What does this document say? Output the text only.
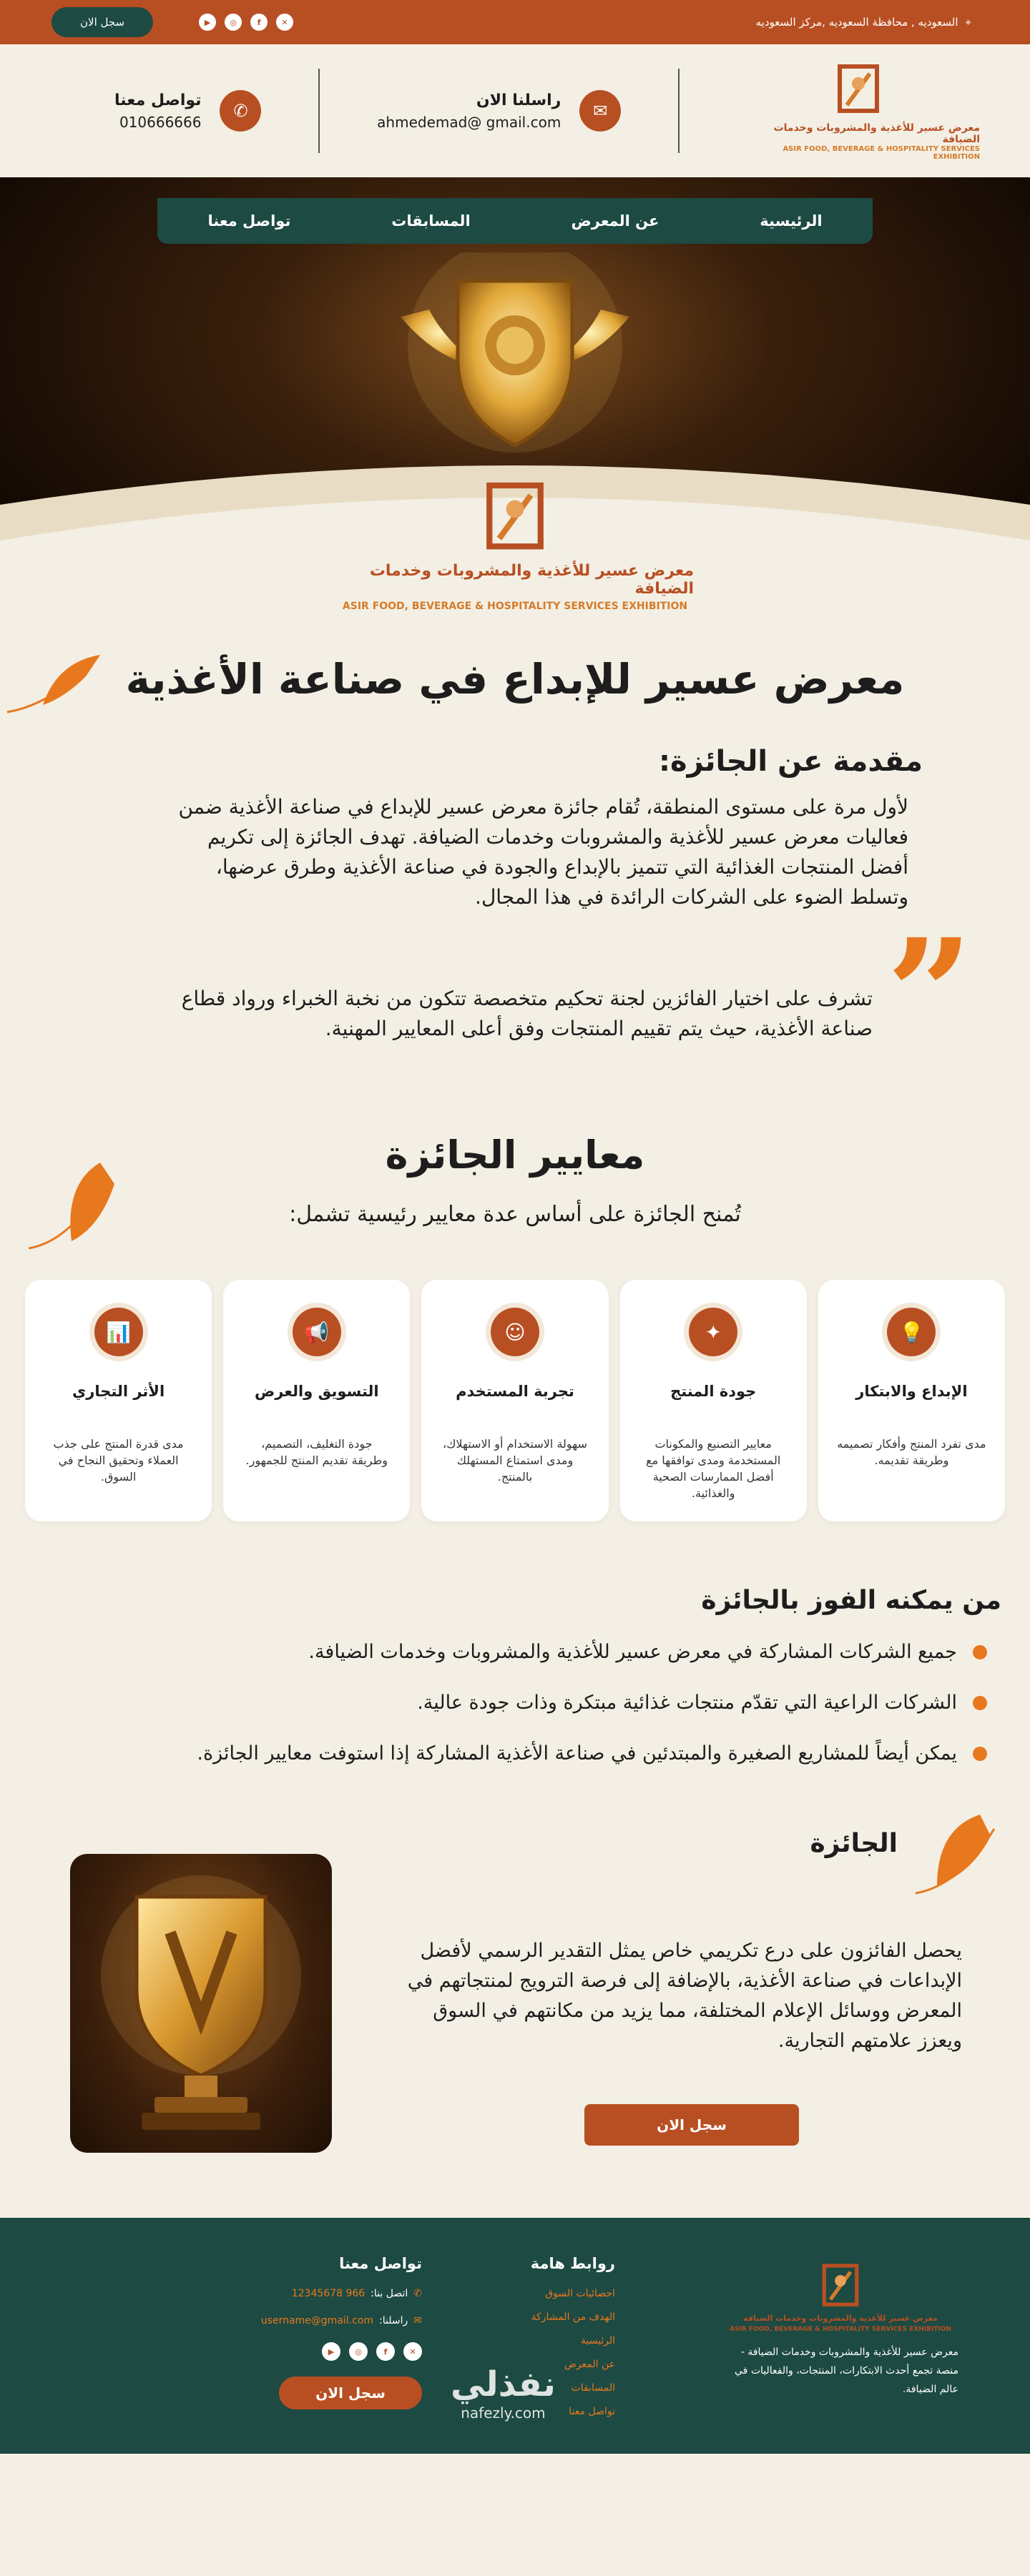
⌖
السعوديه , محافظة السعوديه ,مركز السعوديه
✕
f
◎
▶
سجل الان
معرض عسير للأغذية والمشروبات وخدمات الضيافة
ASIR FOOD, BEVERAGE & HOSPITALITY SERVICES EXHIBITION
✉
راسلنا الان
ahmedemad@ gmail.com
✆
تواصل معنا
010666666
الرئيسية
عن المعرض
المسابقات
تواصل معنا
معرض عسير للأغذية والمشروبات وخدمات الضيافة
ASIR FOOD, BEVERAGE & HOSPITALITY SERVICES EXHIBITION
معرض عسير للإبداع في صناعة الأغذية
مقدمة عن الجائزة:
لأول مرة على مستوى المنطقة، تُقام جائزة معرض عسير للإبداع في صناعة الأغذية ضمن فعاليات معرض عسير للأغذية والمشروبات وخدمات الضيافة. تهدف الجائزة إلى تكريم أفضل المنتجات الغذائية التي تتميز بالإبداع والجودة في صناعة الأغذية وطرق عرضها، وتسلط الضوء على الشركات الرائدة في هذا المجال.
”
تشرف على اختيار الفائزين لجنة تحكيم متخصصة تتكون من نخبة الخبراء ورواد قطاع صناعة الأغذية، حيث يتم تقييم المنتجات وفق أعلى المعايير المهنية.
معايير الجائزة
تُمنح الجائزة على أساس عدة معايير رئيسية تشمل:
💡
الإبداع والابتكار
مدى تفرد المنتج وأفكار تصميمه وطريقة تقديمه.
✦
جودة المنتج
معايير التصنيع والمكونات المستخدمة ومدى توافقها مع أفضل الممارسات الصحية والغذائية.
☺
تجربة المستخدم
سهولة الاستخدام أو الاستهلاك، ومدى استمتاع المستهلك بالمنتج.
📢
التسويق والعرض
جودة التغليف، التصميم، وطريقة تقديم المنتج للجمهور.
📊
الأثر التجاري
مدى قدرة المنتج على جذب العملاء وتحقيق النجاح في السوق.
من يمكنه الفوز بالجائزة
جميع الشركات المشاركة في معرض عسير للأغذية والمشروبات وخدمات الضيافة.
الشركات الراعية التي تقدّم منتجات غذائية مبتكرة وذات جودة عالية.
يمكن أيضاً للمشاريع الصغيرة والمبتدئين في صناعة الأغذية المشاركة إذا استوفت معايير الجائزة.
الجائزة
يحصل الفائزون على درع تكريمي خاص يمثل التقدير الرسمي لأفضل الإبداعات في صناعة الأغذية، بالإضافة إلى فرصة الترويج لمنتجاتهم في المعرض ووسائل الإعلام المختلفة، مما يزيد من مكانتهم في السوق ويعزز علامتهم التجارية.
سجل الان
معرض عسير للأغذية والمشروبات وخدمات الضيافة
ASIR FOOD, BEVERAGE & HOSPITALITY SERVICES EXHIBITION
معرض عسير للأغذية والمشروبات وخدمات الضيافة - منصة تجمع أحدث الابتكارات، المنتجات، والفعاليات في عالم الضيافة.
روابط هامة
احصائيات السوق
الهدف من المشاركة
الرئيسية
عن المعرض
المسابقات
تواصل معنا
تواصل معنا
✆
اتصل بنا:
966 12345678
✉
راسلنا:
username@gmail.com
✕
f
◎
▶
سجل الان	نفذلي
nafezly.com
